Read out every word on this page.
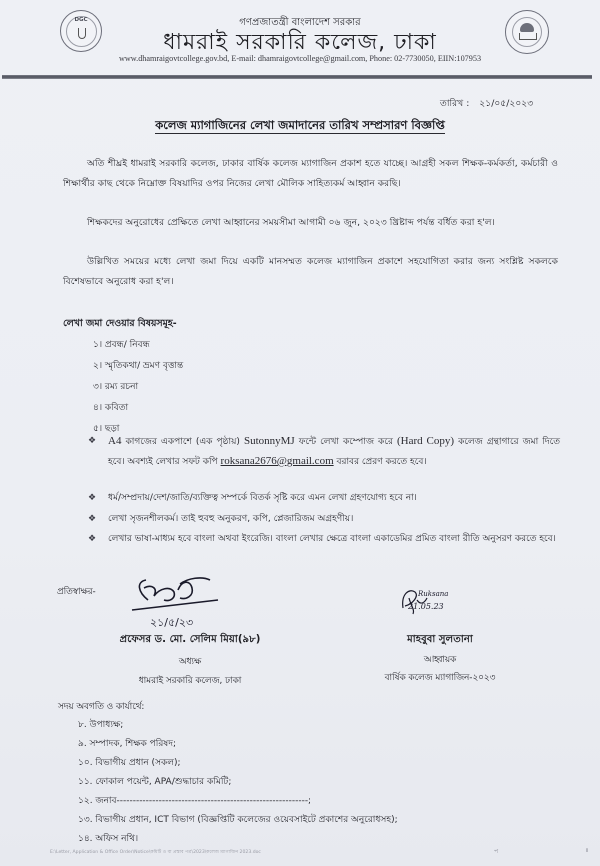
DGC	গণপ্রজাতন্ত্রী বাংলাদেশ সরকার
ধামরাই সরকারি কলেজ, ঢাকা
www.dhamraigovtcollege.gov.bd, E-mail: dhamraigovtcollege@gmail.com, Phone: 02-7730050, EIIN:107953
তারিখ : ২১/০৫/২০২৩
কলেজ ম্যাগাজিনের লেখা জমাদানের তারিখ সম্প্রসারণ বিজ্ঞপ্তি
অতি শীঘ্রই ধামরাই সরকারি কলেজ, ঢাকার বার্ষিক কলেজ ম্যাগাজিন প্রকাশ হতে যাচ্ছে। আগ্রহী সকল শিক্ষক-কর্মকর্তা, কর্মচারী ও শিক্ষার্থীর কাছ থেকে নিম্নোক্ত বিষয়াদির ওপর নিজের লেখা মৌলিক সাহিত্যকর্ম আহ্বান করছি।
শিক্ষকদের অনুরোধের প্রেক্ষিতে লেখা আহ্বানের সময়সীমা আগামী ০৬ জুন, ২০২৩ খ্রিষ্টাব্দ পর্যন্ত বর্ধিত করা হ'ল।
উল্লিখিত সময়ের মধ্যে লেখা জমা দিয়ে একটি মানসম্মত কলেজ ম্যাগাজিন প্রকাশে সহযোগিতা করার জন্য সংশ্লিষ্ট সকলকে বিশেষভাবে অনুরোধ করা হ'ল।
লেখা জমা দেওয়ার বিষয়সমূহ-
১। প্রবন্ধ/ নিবন্ধ
২। স্মৃতিকথা/ ভ্রমণ বৃত্তান্ত
৩। রম্য রচনা
৪। কবিতা
৫। ছড়া
❖	A4 কাগজের একপাশে (এক পৃষ্ঠায়) SutonnyMJ ফন্টে লেখা কম্পোজ করে (Hard Copy) কলেজ গ্রন্থাগারে জমা দিতে হবে। অবশ্যই লেখার সফট কপি roksana2676@gmail.com বরাবর প্রেরণ করতে হবে।
❖	ধর্ম/সম্প্রদায়/দেশ/জাতি/ব্যক্তিত্ব সম্পর্কে বিতর্ক সৃষ্টি করে এমন লেখা গ্রহণযোগ্য হবে না।
❖	লেখা সৃজনশীলকর্ম। তাই হুবহু অনুকরণ, কপি, প্লেজারিজম অগ্রহণীয়।
❖	লেখার ভাষা-মাধ্যম হবে বাংলা অথবা ইংরেজি। বাংলা লেখার ক্ষেত্রে বাংলা একাডেমির প্রমিত বাংলা রীতি অনুসরণ করতে হবে।
প্রতিস্বাক্ষর-
২১/৫/২৩
প্রফেসর ড. মো. সেলিম মিয়া(৯৮)
অধ্যক্ষ
ধামরাই সরকারি কলেজ, ঢাকা
Ruksana
21.05.23
মাহবুবা সুলতানা
আহ্বায়ক
বার্ষিক কলেজ ম্যাগাজিন-২০২৩
সদয় অবগতি ও কার্যার্থে:
৮. উপাধ্যক্ষ;
৯. সম্পাদক, শিক্ষক পরিষদ;
১০. বিভাগীয় প্রধান (সকল);
১১. ফোকাল পয়েন্ট, APA/শুদ্ধাচার কমিটি;
১২. জনাব-----------------------------------------------------------;
১৩. বিভাগীয় প্রধান, ICT বিভাগ (বিজ্ঞপ্তিটি কলেজের ওয়েবসাইটে প্রকাশের অনুরোধসহ);
১৪. অফিস নথি।
E:\Letter, Application & Office Order\Notice\কমিটি ও বা প্রস্তাব পত্র\2023\কলেজ ম্যাগাজিন 2023.doc	প	॥
